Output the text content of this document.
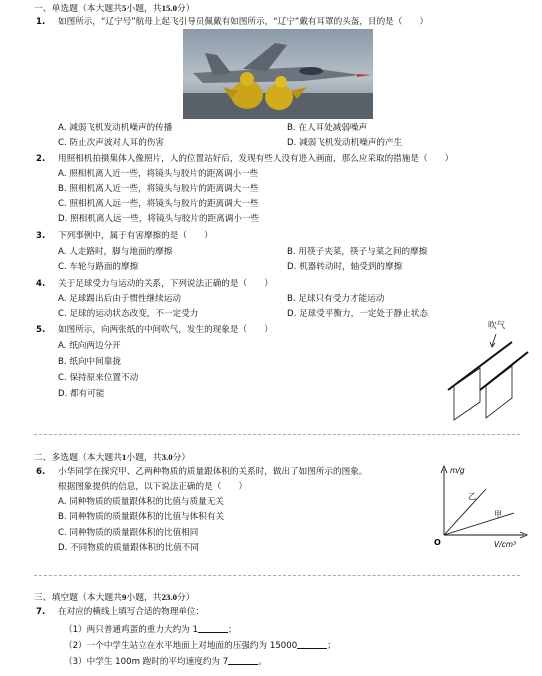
一、单选题（本大题共5小题，共15.0分）
1. 如图所示，“辽宁号”航母上起飞引导员佩戴有如图所示，“辽宁”戴有耳罩的头盔，目的是（　　）
A. 减弱飞机发动机噪声的传播	B. 在人耳处减弱噪声
C. 防止次声波对人耳的伤害	D. 减弱飞机发动机噪声的产生
2. 用照相机拍摄集体人像照片，人的位置站好后，发现有些人没有进入画面，那么应采取的措施是（　　）
A. 照相机离人近一些，将镜头与胶片的距离调小一些
B. 照相机离人近一些，将镜头与胶片的距离调大一些
C. 照相机离人远一些，将镜头与胶片的距离调大一些
D. 照相机离人远一些，将镜头与胶片的距离调小一些
3. 下列事例中，属于有害摩擦的是（　　）
A. 人走路时，脚与地面的摩擦	B. 用筷子夹菜，筷子与菜之间的摩擦
C. 车轮与路面的摩擦	D. 机器转动时，轴受到的摩擦
4. 关于足球受力与运动的关系，下列说法正确的是（　　）
A. 足球踢出后由于惯性继续运动	B. 足球只有受力才能运动
C. 足球的运动状态改变，不一定受力	D. 足球受平衡力，一定处于静止状态
5. 如图所示，向两张纸的中间吹气，发生的现象是（　　）
A. 纸向两边分开
B. 纸向中间靠拢
C. 保持原来位置不动
D. 都有可能
吹气
二、多选题（本大题共1小题，共3.0分）
6. 小华同学在探究甲、乙两种物质的质量跟体积的关系时，做出了如图所示的图象。
根据图象提供的信息，以下说法正确的是（　　）
A. 同种物质的质量跟体积的比值与质量无关
B. 同种物质的质量跟体积的比值与体积有关
C. 同种物质的质量跟体积的比值相同
D. 不同物质的质量跟体积的比值不同
m/g
V/cm³
O
乙
甲
三、填空题（本大题共9小题，共23.0分）
7. 在对应的横线上填写合适的物理单位：
（1）两只普通鸡蛋的重力大约为 1	；
（2）一个中学生站立在水平地面上对地面的压强约为 15000	；
（3）中学生 100m 跑时的平均速度约为 7	。
